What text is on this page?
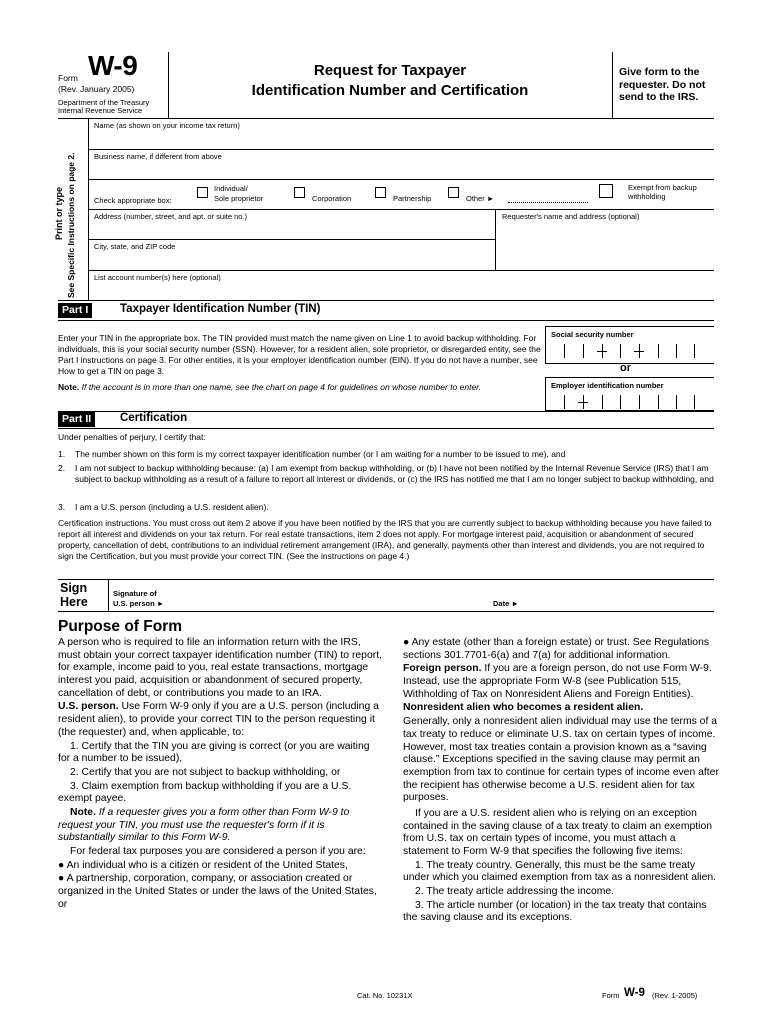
Form W-9
(Rev. January 2005)
Department of the Treasury
Internal Revenue Service
Request for Taxpayer
Identification Number and Certification
Give form to the requester. Do not send to the IRS.
Print or type See Specific Instructions on page 2.
Name (as shown on your income tax return)
Business name, if different from above
Check appropriate box:
Individual/
Sole proprietor	Corporation	Partnership	Other ►
Exempt from backup withholding
Address (number, street, and apt. or suite no.)	Requester's name and address (optional)
City, state, and ZIP code
List account number(s) here (optional)
Part I	Taxpayer Identification Number (TIN)
Enter your TIN in the appropriate box. The TIN provided must match the name given on Line 1 to avoid backup withholding. For individuals, this is your social security number (SSN). However, for a resident alien, sole proprietor, or disregarded entity, see the Part I instructions on page 3. For other entities, it is your employer identification number (EIN). If you do not have a number, see How to get a TIN on page 3.
Note. If the account is in more than one name, see the chart on page 4 for guidelines on whose number to enter.
Social security number
or
Employer identification number
Part II	Certification
Under penalties of perjury, I certify that:
1. The number shown on this form is my correct taxpayer identification number (or I am waiting for a number to be issued to me), and
2. I am not subject to backup withholding because: (a) I am exempt from backup withholding, or (b) I have not been notified by the Internal Revenue Service (IRS) that I am subject to backup withholding as a result of a failure to report all interest or dividends, or (c) the IRS has notified me that I am no longer subject to backup withholding, and
3. I am a U.S. person (including a U.S. resident alien).
Certification instructions. You must cross out item 2 above if you have been notified by the IRS that you are currently subject to backup withholding because you have failed to report all interest and dividends on your tax return. For real estate transactions, item 2 does not apply. For mortgage interest paid, acquisition or abandonment of secured property, cancellation of debt, contributions to an individual retirement arrangement (IRA), and generally, payments other than interest and dividends, you are not required to sign the Certification, but you must provide your correct TIN. (See the instructions on page 4.)
Sign
Here
Signature of
U.S. person ►	Date ►
Purpose of Form

A person who is required to file an information return with the IRS, must obtain your correct taxpayer identification number (TIN) to report, for example, income paid to you, real estate transactions, mortgage interest you paid, acquisition or abandonment of secured property, cancellation of debt, or contributions you made to an IRA.

U.S. person. Use Form W-9 only if you are a U.S. person (including a resident alien), to provide your correct TIN to the person requesting it (the requester) and, when applicable, to:

1. Certify that the TIN you are giving is correct (or you are waiting for a number to be issued),

2. Certify that you are not subject to backup withholding, or

3. Claim exemption from backup withholding if you are a U.S. exempt payee.

Note. If a requester gives you a form other than Form W-9 to request your TIN, you must use the requester's form if it is substantially similar to this Form W-9.

For federal tax purposes you are considered a person if you are:

● An individual who is a citizen or resident of the United States,

● A partnership, corporation, company, or association created or organized in the United States or under the laws of the United States, or

● Any estate (other than a foreign estate) or trust. See Regulations sections 301.7701-6(a) and 7(a) for additional information.

Foreign person. If you are a foreign person, do not use Form W-9. Instead, use the appropriate Form W-8 (see Publication 515, Withholding of Tax on Nonresident Aliens and Foreign Entities).

Nonresident alien who becomes a resident alien.

Generally, only a nonresident alien individual may use the terms of a tax treaty to reduce or eliminate U.S. tax on certain types of income. However, most tax treaties contain a provision known as a “saving clause.” Exceptions specified in the saving clause may permit an exemption from tax to continue for certain types of income even after the recipient has otherwise become a U.S. resident alien for tax purposes.

If you are a U.S. resident alien who is relying on an exception contained in the saving clause of a tax treaty to claim an exemption from U.S. tax on certain types of income, you must attach a statement to Form W-9 that specifies the following five items:

1. The treaty country. Generally, this must be the same treaty under which you claimed exemption from tax as a nonresident alien.

2. The treaty article addressing the income.

3. The article number (or location) in the tax treaty that contains the saving clause and its exceptions.

Cat. No. 10231X	Form W-9 (Rev. 1-2005)
